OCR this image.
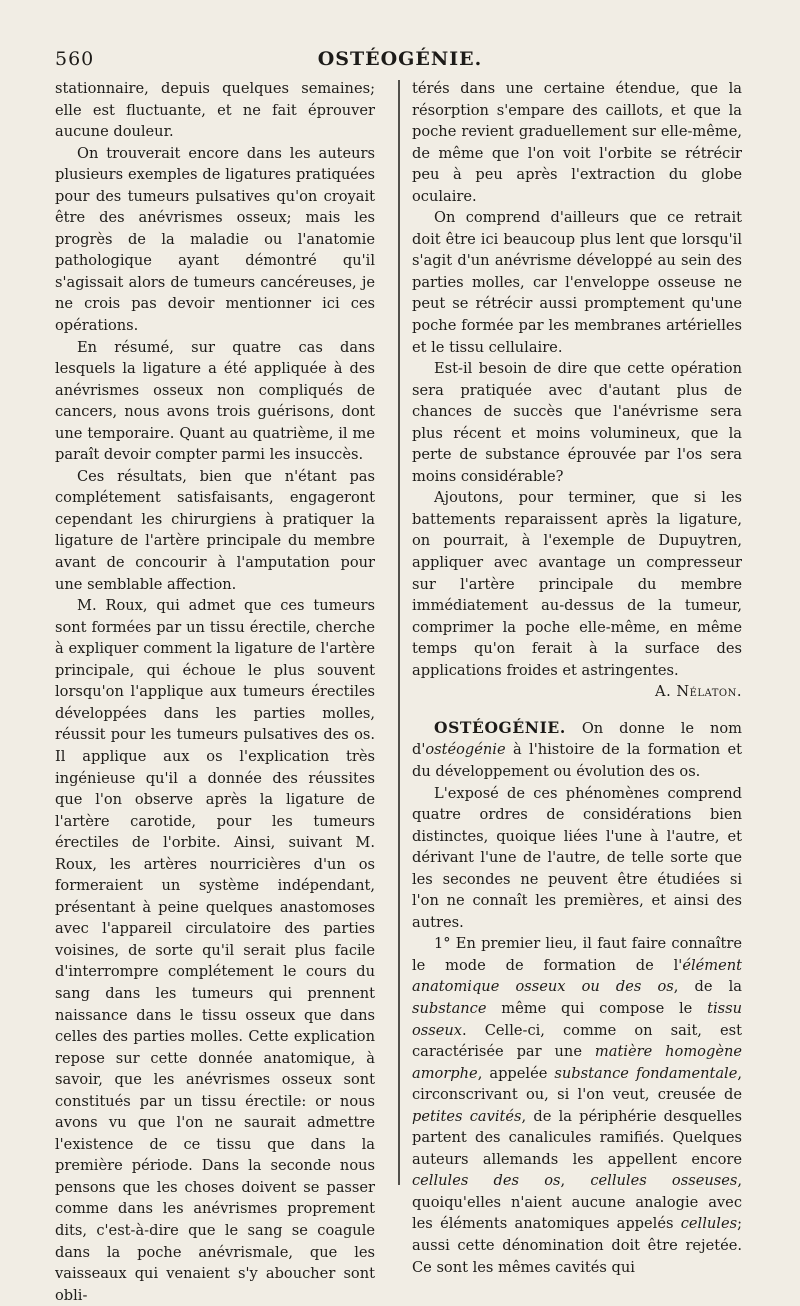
560	OSTÉOGÉNIE.

stationnaire, depuis quelques semaines; elle est fluctuante, et ne fait éprouver aucune douleur.

On trouverait encore dans les auteurs plusieurs exemples de ligatures pratiquées pour des tumeurs pulsatives qu'on croyait être des anévrismes osseux; mais les progrès de la maladie ou l'anatomie pathologique ayant démontré qu'il s'agissait alors de tumeurs cancéreuses, je ne crois pas devoir mentionner ici ces opérations.

En résumé, sur quatre cas dans lesquels la ligature a été appliquée à des anévrismes osseux non compliqués de cancers, nous avons trois guérisons, dont une temporaire. Quant au quatrième, il me paraît devoir compter parmi les insuccès.

Ces résultats, bien que n'étant pas complétement satisfaisants, engageront cependant les chirurgiens à pratiquer la ligature de l'artère principale du membre avant de concourir à l'amputation pour une semblable affection.

M. Roux, qui admet que ces tumeurs sont formées par un tissu érectile, cherche à expliquer comment la ligature de l'artère principale, qui échoue le plus souvent lorsqu'on l'applique aux tumeurs érectiles développées dans les parties molles, réussit pour les tumeurs pulsatives des os. Il applique aux os l'explication très ingénieuse qu'il a donnée des réussites que l'on observe après la ligature de l'artère carotide, pour les tumeurs érectiles de l'orbite. Ainsi, suivant M. Roux, les artères nourricières d'un os formeraient un système indépendant, présentant à peine quelques anastomoses avec l'appareil circulatoire des parties voisines, de sorte qu'il serait plus facile d'interrompre complétement le cours du sang dans les tumeurs qui prennent naissance dans le tissu osseux que dans celles des parties molles. Cette explication repose sur cette donnée anatomique, à savoir, que les anévrismes osseux sont constitués par un tissu érectile: or nous avons vu que l'on ne saurait admettre l'existence de ce tissu que dans la première période. Dans la seconde nous pensons que les choses doivent se passer comme dans les anévrismes proprement dits, c'est-à-dire que le sang se coagule dans la poche anévrismale, que les vaisseaux qui venaient s'y aboucher sont obli-

térés dans une certaine étendue, que la résorption s'empare des caillots, et que la poche revient graduellement sur elle-même, de même que l'on voit l'orbite se rétrécir peu à peu après l'extraction du globe oculaire.

On comprend d'ailleurs que ce retrait doit être ici beaucoup plus lent que lorsqu'il s'agit d'un anévrisme développé au sein des parties molles, car l'enveloppe osseuse ne peut se rétrécir aussi promptement qu'une poche formée par les membranes artérielles et le tissu cellulaire.

Est-il besoin de dire que cette opération sera pratiquée avec d'autant plus de chances de succès que l'anévrisme sera plus récent et moins volumineux, que la perte de substance éprouvée par l'os sera moins considérable?

Ajoutons, pour terminer, que si les battements reparaissent après la ligature, on pourrait, à l'exemple de Dupuytren, appliquer avec avantage un compresseur sur l'artère principale du membre immédiatement au-dessus de la tumeur, comprimer la poche elle-même, en même temps qu'on ferait à la surface des applications froides et astringentes.

A. Nélaton.

OSTÉOGÉNIE. On donne le nom d'ostéogénie à l'histoire de la formation et du développement ou évolution des os.

L'exposé de ces phénomènes comprend quatre ordres de considérations bien distinctes, quoique liées l'une à l'autre, et dérivant l'une de l'autre, de telle sorte que les secondes ne peuvent être étudiées si l'on ne connaît les premières, et ainsi des autres.

1° En premier lieu, il faut faire connaître le mode de formation de l'élément anatomique osseux ou des os, de la substance même qui compose le tissu osseux. Celle-ci, comme on sait, est caractérisée par une matière homogène amorphe, appelée substance fondamentale, circonscrivant ou, si l'on veut, creusée de petites cavités, de la périphérie desquelles partent des canalicules ramifiés. Quelques auteurs allemands les appellent encore cellules des os, cellules osseuses, quoiqu'elles n'aient aucune analogie avec les éléments anatomiques appelés cellules; aussi cette dénomination doit être rejetée. Ce sont les mêmes cavités qui
